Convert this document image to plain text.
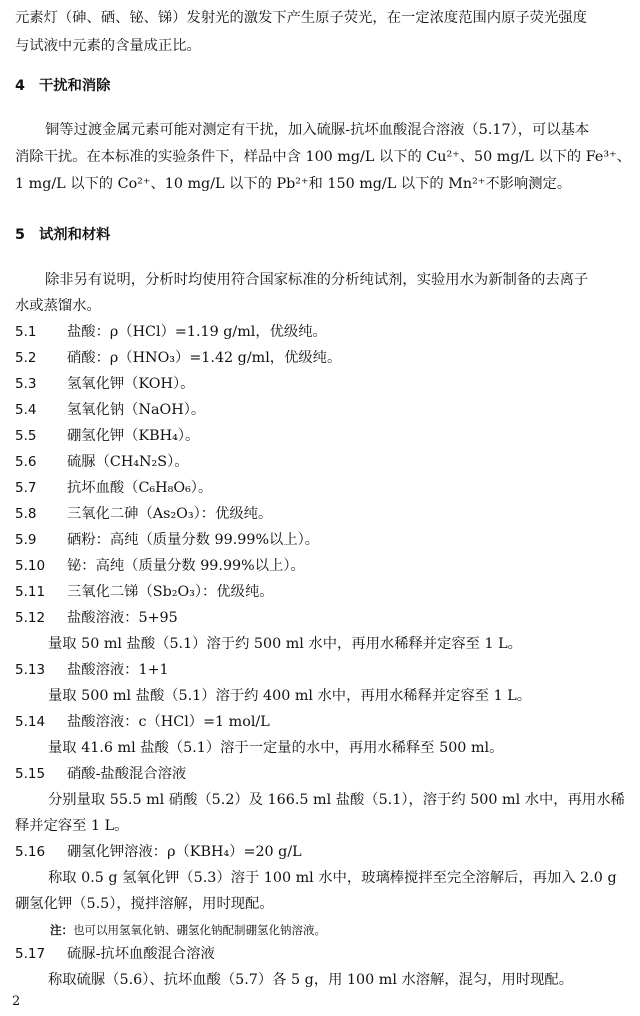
元素灯（砷、硒、铋、锑）发射光的激发下产生原子荧光，在一定浓度范围内原子荧光强度
与试液中元素的含量成正比。
4 干扰和消除
铜等过渡金属元素可能对测定有干扰，加入硫脲-抗坏血酸混合溶液（5.17），可以基本
消除干扰。在本标准的实验条件下，样品中含 100 mg/L 以下的 Cu²⁺、50 mg/L 以下的 Fe³⁺、
1 mg/L 以下的 Co²⁺、10 mg/L 以下的 Pb²⁺和 150 mg/L 以下的 Mn²⁺不影响测定。
5 试剂和材料
除非另有说明，分析时均使用符合国家标准的分析纯试剂，实验用水为新制备的去离子
水或蒸馏水。
5.1 盐酸：ρ（HCl）=1.19 g/ml，优级纯。
5.2 硝酸：ρ（HNO₃）=1.42 g/ml，优级纯。
5.3 氢氧化钾（KOH）。
5.4 氢氧化钠（NaOH）。
5.5 硼氢化钾（KBH₄）。
5.6 硫脲（CH₄N₂S）。
5.7 抗坏血酸（C₆H₈O₆）。
5.8 三氧化二砷（As₂O₃）：优级纯。
5.9 硒粉：高纯（质量分数 99.99%以上）。
5.10 铋：高纯（质量分数 99.99%以上）。
5.11 三氧化二锑（Sb₂O₃）：优级纯。
5.12 盐酸溶液：5+95
量取 50 ml 盐酸（5.1）溶于约 500 ml 水中，再用水稀释并定容至 1 L。
5.13 盐酸溶液：1+1
量取 500 ml 盐酸（5.1）溶于约 400 ml 水中，再用水稀释并定容至 1 L。
5.14 盐酸溶液：c（HCl）=1 mol/L
量取 41.6 ml 盐酸（5.1）溶于一定量的水中，再用水稀释至 500 ml。
5.15 硝酸-盐酸混合溶液
分别量取 55.5 ml 硝酸（5.2）及 166.5 ml 盐酸（5.1），溶于约 500 ml 水中，再用水稀
释并定容至 1 L。
5.16 硼氢化钾溶液：ρ（KBH₄）=20 g/L
称取 0.5 g 氢氧化钾（5.3）溶于 100 ml 水中，玻璃棒搅拌至完全溶解后，再加入 2.0 g
硼氢化钾（5.5），搅拌溶解，用时现配。
注：也可以用氢氧化钠、硼氢化钠配制硼氢化钠溶液。
5.17 硫脲-抗坏血酸混合溶液
称取硫脲（5.6）、抗坏血酸（5.7）各 5 g，用 100 ml 水溶解，混匀，用时现配。
2
